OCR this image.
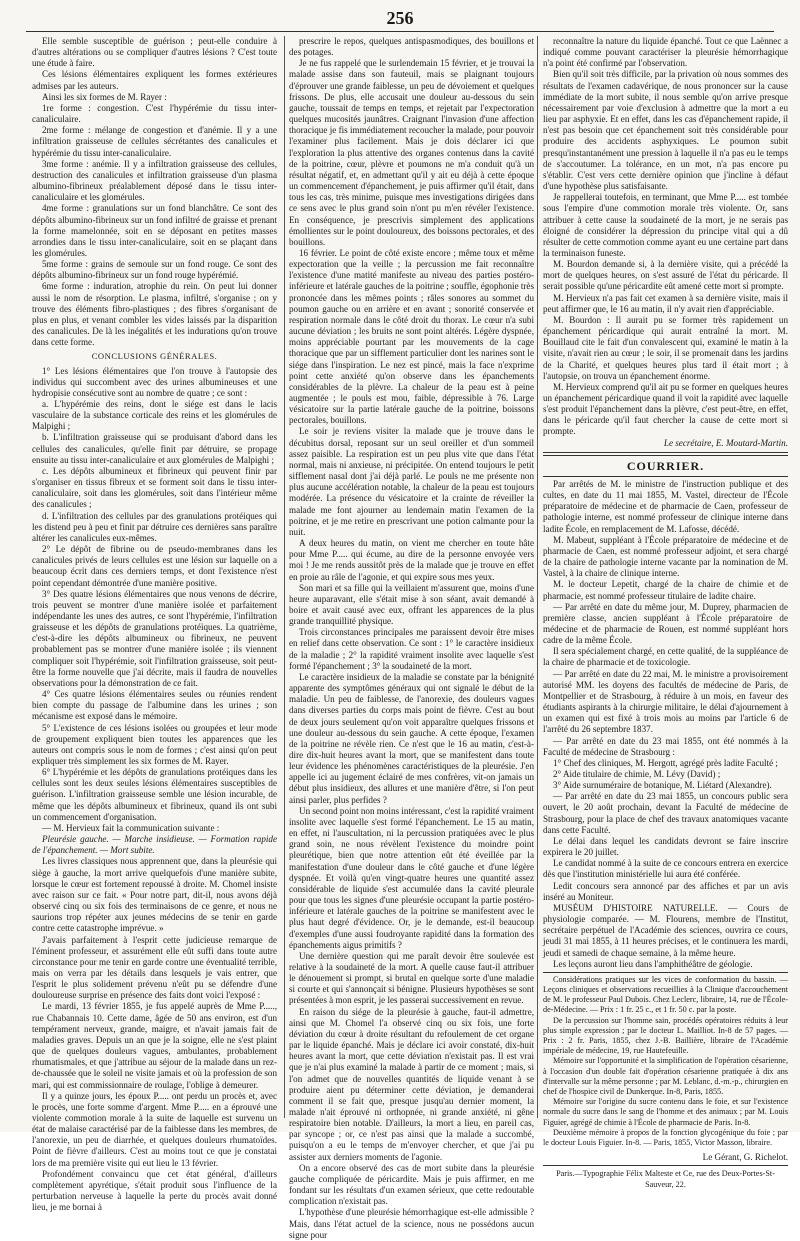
256

Elle semble susceptible de guérison ; peut-elle conduire à d'autres altérations ou se compliquer d'autres lésions ? C'est toute une étude à faire.

Ces lésions élémentaires expliquent les formes extérieures admises par les auteurs.

Ainsi les six formes de M. Rayer :

1re forme : congestion. C'est l'hypérémie du tissu inter-canaliculaire.

2me forme : mélange de congestion et d'anémie. Il y a une infiltration graisseuse de cellules sécrétantes des canalicules et hypérémie du tissu inter-canaliculaire.

3me forme : anémie. Il y a infiltration graisseuse des cellules, destruction des canalicules et infiltration graisseuse d'un plasma albumino-fibrineux préalablement déposé dans le tissu inter-canaliculaire et les glomérules.

4me forme : granulations sur un fond blanchâtre. Ce sont des dépôts albumino-fibrineux sur un fond infiltré de graisse et prenant la forme mamelonnée, soit en se déposant en petites masses arrondies dans le tissu inter-canaliculaire, soit en se plaçant dans les glomérules.

5me forme : grains de semoule sur un fond rouge. Ce sont des dépôts albumino-fibrineux sur un fond rouge hypérémié.

6me forme : induration, atrophie du rein. On peut lui donner aussi le nom de résorption. Le plasma, infiltré, s'organise ; on y trouve des éléments fibro-plastiques ; des fibres s'organisant de plus en plus, et venant combler les vides laissés par la disparition des canalicules. De là les inégalités et les indurations qu'on trouve dans cette forme.

CONCLUSIONS GÉNÉRALES.

1° Les lésions élémentaires que l'on trouve à l'autopsie des individus qui succombent avec des urines albumineuses et une hydropisie consécutive sont au nombre de quatre ; ce sont :

a. L'hypérémie des reins, dont le siége est dans le lacis vasculaire de la substance corticale des reins et les glomérules de Malpighi ;

b. L'infiltration graisseuse qui se produisant d'abord dans les cellules des canalicules, qu'elle finit par détruire, se propage ensuite au tissu inter-canaliculaire et aux glomérules de Malpighi ;

c. Les dépôts albumineux et fibrineux qui peuvent finir par s'organiser en tissus fibreux et se forment soit dans le tissu inter-canaliculaire, soit dans les glomérules, soit dans l'intérieur même des canalicules ;

d. L'infiltration des cellules par des granulations protéiques qui les distend peu à peu et finit par détruire ces dernières sans paraître altérer les canalicules eux-mêmes.

2° Le dépôt de fibrine ou de pseudo-membranes dans les canalicules privés de leurs cellules est une lésion sur laquelle on a beaucoup écrit dans ces derniers temps, et dont l'existence n'est point cependant démontrée d'une manière positive.

3° Des quatre lésions élémentaires que nous venons de décrire, trois peuvent se montrer d'une manière isolée et parfaitement indépendante les unes des autres, ce sont l'hypérémie, l'infiltration graisseuse et les dépôts de granulations protéiques. La quatrième, c'est-à-dire les dépôts albumineux ou fibrineux, ne peuvent probablement pas se montrer d'une manière isolée ; ils viennent compliquer soit l'hypérémie, soit l'infiltration graisseuse, soit peut-être la forme nouvelle que j'ai décrite, mais il faudra de nouvelles observations pour la démonstration de ce fait.

4° Ces quatre lésions élémentaires seules ou réunies rendent bien compte du passage de l'albumine dans les urines ; son mécanisme est exposé dans le mémoire.

5° L'existence de ces lésions isolées ou groupées et leur mode de groupement expliquent bien toutes les apparences que les auteurs ont compris sous le nom de formes ; c'est ainsi qu'on peut expliquer très simplement les six formes de M. Rayer.

6° L'hypérémie et les dépôts de granulations protéiques dans les cellules sont les deux seules lésions élémentaires susceptibles de guérison. L'infiltration graisseuse semble une lésion incurable, de même que les dépôts albumineux et fibrineux, quand ils ont subi un commencement d'organisation.

— M. Hervieux fait la communication suivante :

Pleurésie gauche. — Marche insidieuse. — Formation rapide de l'épanchement. — Mort subite.

Les livres classiques nous apprennent que, dans la pleurésie qui siège à gauche, la mort arrive quelquefois d'une manière subite, lorsque le cœur est fortement repoussé à droite. M. Chomel insiste avec raison sur ce fait. « Pour notre part, dit-il, nous avons déjà observé cinq ou six fois des terminaisons de ce genre, et nous ne saurions trop répéter aux jeunes médecins de se tenir en garde contre cette catastrophe imprévue. »

J'avais parfaitement à l'esprit cette judicieuse remarque de l'éminent professeur, et assurément elle eût suffi dans toute autre circonstance pour me tenir en garde contre une éventualité terrible, mais on verra par les détails dans lesquels je vais entrer, que l'esprit le plus solidement prévenu n'eût pu se défendre d'une douloureuse surprise en présence des faits dont voici l'exposé :

Le mardi, 13 février 1855, je fus appelé auprès de Mme P....., rue Chabannais 10. Cette dame, âgée de 50 ans environ, est d'un tempérament nerveux, grande, maigre, et n'avait jamais fait de maladies graves. Depuis un an que je la soigne, elle ne s'est plaint que de quelques douleurs vagues, ambulantes, probablement rhumatismales, et que j'attribue au séjour de la malade dans un rez-de-chaussée que le soleil ne visite jamais et où la profession de son mari, qui est commissionnaire de roulage, l'oblige à demeurer.

Il y a quinze jours, les époux P..... ont perdu un procès et, avec le procès, une forte somme d'argent. Mme P..... en a éprouvé une violente commotion morale à la suite de laquelle est survenu un état de malaise caractérisé par de la faiblesse dans les membres, de l'anorexie, un peu de diarrhée, et quelques douleurs rhumatoïdes. Point de fièvre d'ailleurs. C'est au moins tout ce que je constatai lors de ma première visite qui eut lieu le 13 février.

Profondément convaincu que cet état général, d'ailleurs complètement apyrétique, s'était produit sous l'influence de la perturbation nerveuse à laquelle la perte du procès avait donné lieu, je me bornai à

prescrire le repos, quelques antispasmodiques, des bouillons et des potages.

Je ne fus rappelé que le surlendemain 15 février, et je trouvai la malade assise dans son fauteuil, mais se plaignant toujours d'éprouver une grande faiblesse, un peu de dévoiement et quelques frissons. De plus, elle accusait une douleur au-dessous du sein gauche, toussait de temps en temps, et rejetait par l'expectoration quelques mucosités jaunâtres. Craignant l'invasion d'une affection thoracique je fis immédiatement recoucher la malade, pour pouvoir l'examiner plus facilement. Mais je dois déclarer ici que l'exploration la plus attentive des organes contenus dans la cavité de la poitrine, cœur, plèvre et poumons ne m'a conduit qu'à un résultat négatif, et, en admettant qu'il y ait eu déjà à cette époque un commencement d'épanchement, je puis affirmer qu'il était, dans tous les cas, très minime, puisque mes investigations dirigées dans ce sens avec le plus grand soin n'ont pu m'en révéler l'existence. En conséquence, je prescrivis simplement des applications émollientes sur le point douloureux, des boissons pectorales, et des bouillons.

16 février. Le point de côté existe encore ; même toux et même expectoration que la veille ; la percussion me fait reconnaître l'existence d'une matité manifeste au niveau des parties postéro-inférieure et latérale gauches de la poitrine ; souffle, égophonie très prononcée dans les mêmes points ; râles sonores au sommet du poumon gauche ou en arrière et en avant ; sonorité conservée et respiration normale dans le côté droit du thorax. Le cœur n'a subi aucune déviation ; les bruits ne sont point altérés. Légère dyspnée, moins appréciable pourtant par les mouvements de la cage thoracique que par un sifflement particulier dont les narines sont le siége dans l'inspiration. Le nez est pincé, mais la face n'exprime point cette anxiété qu'on observe dans les épanchements considérables de la plèvre. La chaleur de la peau est à peine augmentée ; le pouls est mou, faible, dépressible à 76. Large vésicatoire sur la partie latérale gauche de la poitrine, boissons pectorales, bouillons.

Le soir je reviens visiter la malade que je trouve dans le décubitus dorsal, reposant sur un seul oreiller et d'un sommeil assez paisible. La respiration est un peu plus vite que dans l'état normal, mais ni anxieuse, ni précipitée. On entend toujours le petit sifflement nasal dont j'ai déjà parlé. Le pouls ne me présente non plus aucune accélération notable, la chaleur de la peau est toujours modérée. La présence du vésicatoire et la crainte de réveiller la malade me font ajourner au lendemain matin l'examen de la poitrine, et je me retire en prescrivant une potion calmante pour la nuit.

A deux heures du matin, on vient me chercher en toute hâte pour Mme P..... qui écume, au dire de la personne envoyée vers moi ! Je me rends aussitôt près de la malade que je trouve en effet en proie au râle de l'agonie, et qui expire sous mes yeux.

Son mari et sa fille qui la veillaient m'assurent que, moins d'une heure auparavant, elle s'était mise à son séant, avait demandé à boire et avait causé avec eux, offrant les apparences de la plus grande tranquillité physique.

Trois circonstances principales me paraissent devoir être mises en relief dans cette observation. Ce sont : 1° le caractère insidieux de la maladie ; 2° la rapidité vraiment insolite avec laquelle s'est formé l'épanchement ; 3° la soudaineté de la mort.

Le caractère insidieux de la maladie se constate par la bénignité apparente des symptômes généraux qui ont signalé le début de la maladie. Un peu de faiblesse, de l'anorexie, des douleurs vagues dans diverses parties du corps mais point de fièvre. C'est au bout de deux jours seulement qu'on voit apparaître quelques frissons et une douleur au-dessous du sein gauche. A cette époque, l'examen de la poitrine ne révèle rien. Ce n'est que le 16 au matin, c'est-à-dire dix-huit heures avant la mort, que se manifestent dans toute leur évidence les phénomènes caractéristiques de la pleurésie. J'en appelle ici au jugement éclairé de mes confrères, vit-on jamais un début plus insidieux, des allures et une manière d'être, si l'on peut ainsi parler, plus perfides ?

Un second point non moins intéressant, c'est la rapidité vraiment insolite avec laquelle s'est formé l'épanchement. Le 15 au matin, en effet, ni l'auscultation, ni la percussion pratiquées avec le plus grand soin, ne nous révèlent l'existence du moindre point pleurétique, bien que notre attention eût été éveillée par la manifestation d'une douleur dans le côté gauche et d'une légère dyspnée. Et voilà qu'en vingt-quatre heures une quantité assez considérable de liquide s'est accumulée dans la cavité pleurale pour que tous les signes d'une pleurésie occupant la partie postéro-inférieure et latérale gauches de la poitrine se manifestent avec le plus haut degré d'évidence. Or, je le demande, est-il beaucoup d'exemples d'une aussi foudroyante rapidité dans la formation des épanchements aigus primitifs ?

Une dernière question qui me paraît devoir être soulevée est relative à la soudaineté de la mort. A quelle cause faut-il attribuer le dénouement si prompt, si brutal en quelque sorte d'une maladie si courte et qui s'annonçait si bénigne. Plusieurs hypothèses se sont présentées à mon esprit, je les passerai successivement en revue.

En raison du siége de la pleurésie à gauche, faut-il admettre, ainsi que M. Chomel l'a observé cinq ou six fois, une forte déviation du cœur à droite résultant du refoulement de cet organe par le liquide épanché. Mais je déclare ici avoir constaté, dix-huit heures avant la mort, que cette déviation n'existait pas. Il est vrai que je n'ai plus examiné la malade à partir de ce moment ; mais, si l'on admet que de nouvelles quantités de liquide venant à se produire aient pu déterminer cette déviation, je demanderai comment il se fait que, presque jusqu'au dernier moment, la malade n'ait éprouvé ni orthopnée, ni grande anxiété, ni gêne respiratoire bien notable. D'ailleurs, la mort a lieu, en pareil cas, par syncope ; or, ce n'est pas ainsi que la malade a succombé, puisqu'on a eu le temps de m'envoyer chercher, et que j'ai pu assister aux derniers moments de l'agonie.

On a encore observé des cas de mort subite dans la pleurésie gauche compliquée de péricardite. Mais je puis affirmer, en me fondant sur les résultats d'un examen sérieux, que cette redoutable complication n'existait pas.

L'hypothèse d'une pleurésie hémorrhagique est-elle admissible ? Mais, dans l'état actuel de la science, nous ne possédons aucun signe pour

reconnaître la nature du liquide épanché. Tout ce que Laënnec a indiqué comme pouvant caractériser la pleurésie hémorrhagique n'a point été confirmé par l'observation.

Bien qu'il soit très difficile, par la privation où nous sommes des résultats de l'examen cadavérique, de nous prononcer sur la cause immédiate de la mort subite, il nous semble qu'on arrive presque nécessairement par voie d'exclusion à admettre que la mort a eu lieu par asphyxie. Et en effet, dans les cas d'épanchement rapide, il n'est pas besoin que cet épanchement soit très considérable pour produire des accidents asphyxiques. Le poumon subit presqu'instantanément une pression à laquelle il n'a pas eu le temps de s'accoutumer. La tolérance, en un mot, n'a pas encore pu s'établir. C'est vers cette dernière opinion que j'incline à défaut d'une hypothèse plus satisfaisante.

Je rappellerai toutefois, en terminant, que Mme P..... est tombée sous l'empire d'une commotion morale très violente. Or, sans attribuer à cette cause la soudaineté de la mort, je ne serais pas éloigné de considérer la dépression du principe vital qui a dû résulter de cette commotion comme ayant eu une certaine part dans la terminaison funeste.

M. Bourdon demande si, à la dernière visite, qui a précédé la mort de quelques heures, on s'est assuré de l'état du péricarde. Il serait possible qu'une péricardite eût amené cette mort si prompte.

M. Hervieux n'a pas fait cet examen à sa dernière visite, mais il peut affirmer que, le 16 au matin, il n'y avait rien d'appréciable.

M. Bourdon : Il aurait pu se former très rapidement un épanchement péricardique qui aurait entraîné la mort. M. Bouillaud cite le fait d'un convalescent qui, examiné le matin à la visite, n'avait rien au cœur ; le soir, il se promenait dans les jardins de la Charité, et quelques heures plus tard il était mort ; à l'autopsie, on trouva un épanchement énorme.

M. Hervieux comprend qu'il ait pu se former en quelques heures un épanchement péricardique quand il voit la rapidité avec laquelle s'est produit l'épanchement dans la plèvre, c'est peut-être, en effet, dans le péricarde qu'il faut chercher la cause de cette mort si prompte.

Le secrétaire, E. Moutard-Martin.

COURRIER.

Par arrêtés de M. le ministre de l'instruction publique et des cultes, en date du 11 mai 1855, M. Vastel, directeur de l'École préparatoire de médecine et de pharmacie de Caen, professeur de pathologie interne, est nommé professeur de clinique interne dans ladite École, en remplacement de M. Lafosse, décédé.

M. Mabeut, suppléant à l'École préparatoire de médecine et de pharmacie de Caen, est nommé professeur adjoint, et sera chargé de la chaire de pathologie interne vacante par la nomination de M. Vastel, à la chaire de clinique interne.

M. le docteur Lepetit, chargé de la chaire de chimie et de pharmacie, est nommé professeur titulaire de ladite chaire.

— Par arrêté en date du même jour, M. Duprey, pharmacien de première classe, ancien suppléant à l'École préparatoire de médecine et de pharmacie de Rouen, est nommé suppléant hors cadre de la même École.

Il sera spécialement chargé, en cette qualité, de la suppléance de la chaire de pharmacie et de toxicologie.

— Par arrêté en date du 22 mai, M. le ministre a provisoirement autorisé MM. les doyens des facultés de médecine de Paris, de Montpellier et de Strasbourg, à réduire à un mois, en faveur des étudiants aspirants à la chirurgie militaire, le délai d'ajournement à un examen qui est fixé à trois mois au moins par l'article 6 de l'arrêté du 26 septembre 1837.

— Par arrêté en date du 23 mai 1855, ont été nommés à la Faculté de médecine de Strasbourg :

1° Chef des cliniques, M. Hergott, agrégé près ladite Faculté ;

2° Aide titulaire de chimie, M. Lévy (David) ;

3° Aide surnuméraire de botanique, M. Liétard (Alexandre).

— Par arrêté en date du 23 mai 1855, un concours public sera ouvert, le 20 août prochain, devant la Faculté de médecine de Strasbourg, pour la place de chef des travaux anatomiques vacante dans cette Faculté.

Le délai dans lequel les candidats devront se faire inscrire expirera le 20 juillet.

Le candidat nommé à la suite de ce concours entrera en exercice dès que l'institution ministérielle lui aura été conférée.

Ledit concours sera annoncé par des affiches et par un avis inséré au Moniteur.

MUSÉUM D'HISTOIRE NATURELLE. — Cours de physiologie comparée. — M. Flourens, membre de l'Institut, secrétaire perpétuel de l'Académie des sciences, ouvrira ce cours, jeudi 31 mai 1855, à 11 heures précises, et le continuera les mardi, jeudi et samedi de chaque semaine, à la même heure.

Les leçons auront lieu dans l'amphithéâtre de géologie.

Considérations pratiques sur les vices de conformation du bassin. — Leçons cliniques et observations recueillies à la Clinique d'accouchement de M. le professeur Paul Dubois. Chez Leclerc, libraire, 14, rue de l'École-de-Médecine. — Prix : 1 fr. 25 c., et 1 fr. 50 c. par la poste.

De la percussion sur l'homme sain, procédés opératoires réduits à leur plus simple expression ; par le docteur L. Mailliot. In-8 de 57 pages. — Prix : 2 fr. Paris, 1855, chez J.-B. Baillière, libraire de l'Académie impériale de médecine, 19, rue Hautefeuille.

Mémoire sur l'opportunité et la simplification de l'opération césarienne, à l'occasion d'un double fait d'opération césarienne pratiquée à dix ans d'intervalle sur la même personne ; par M. Leblanc, d.-m.-p., chirurgien en chef de l'hospice civil de Dunkerque. In-8, Paris, 1855.

Mémoire sur l'origine du sucre contenu dans le foie, et sur l'existence normale du sucre dans le sang de l'homme et des animaux ; par M. Louis Figuier, agrégé de chimie à l'École de pharmacie de Paris. In-8.

Deuxième mémoire à propos de la fonction glycogénique du foie ; par le docteur Louis Figuier. In-8. — Paris, 1855, Victor Masson, libraire.

Le Gérant, G. Richelot.

Paris.—Typographie Félix Malteste et Ce, rue des Deux-Portes-St-Sauveur, 22.
